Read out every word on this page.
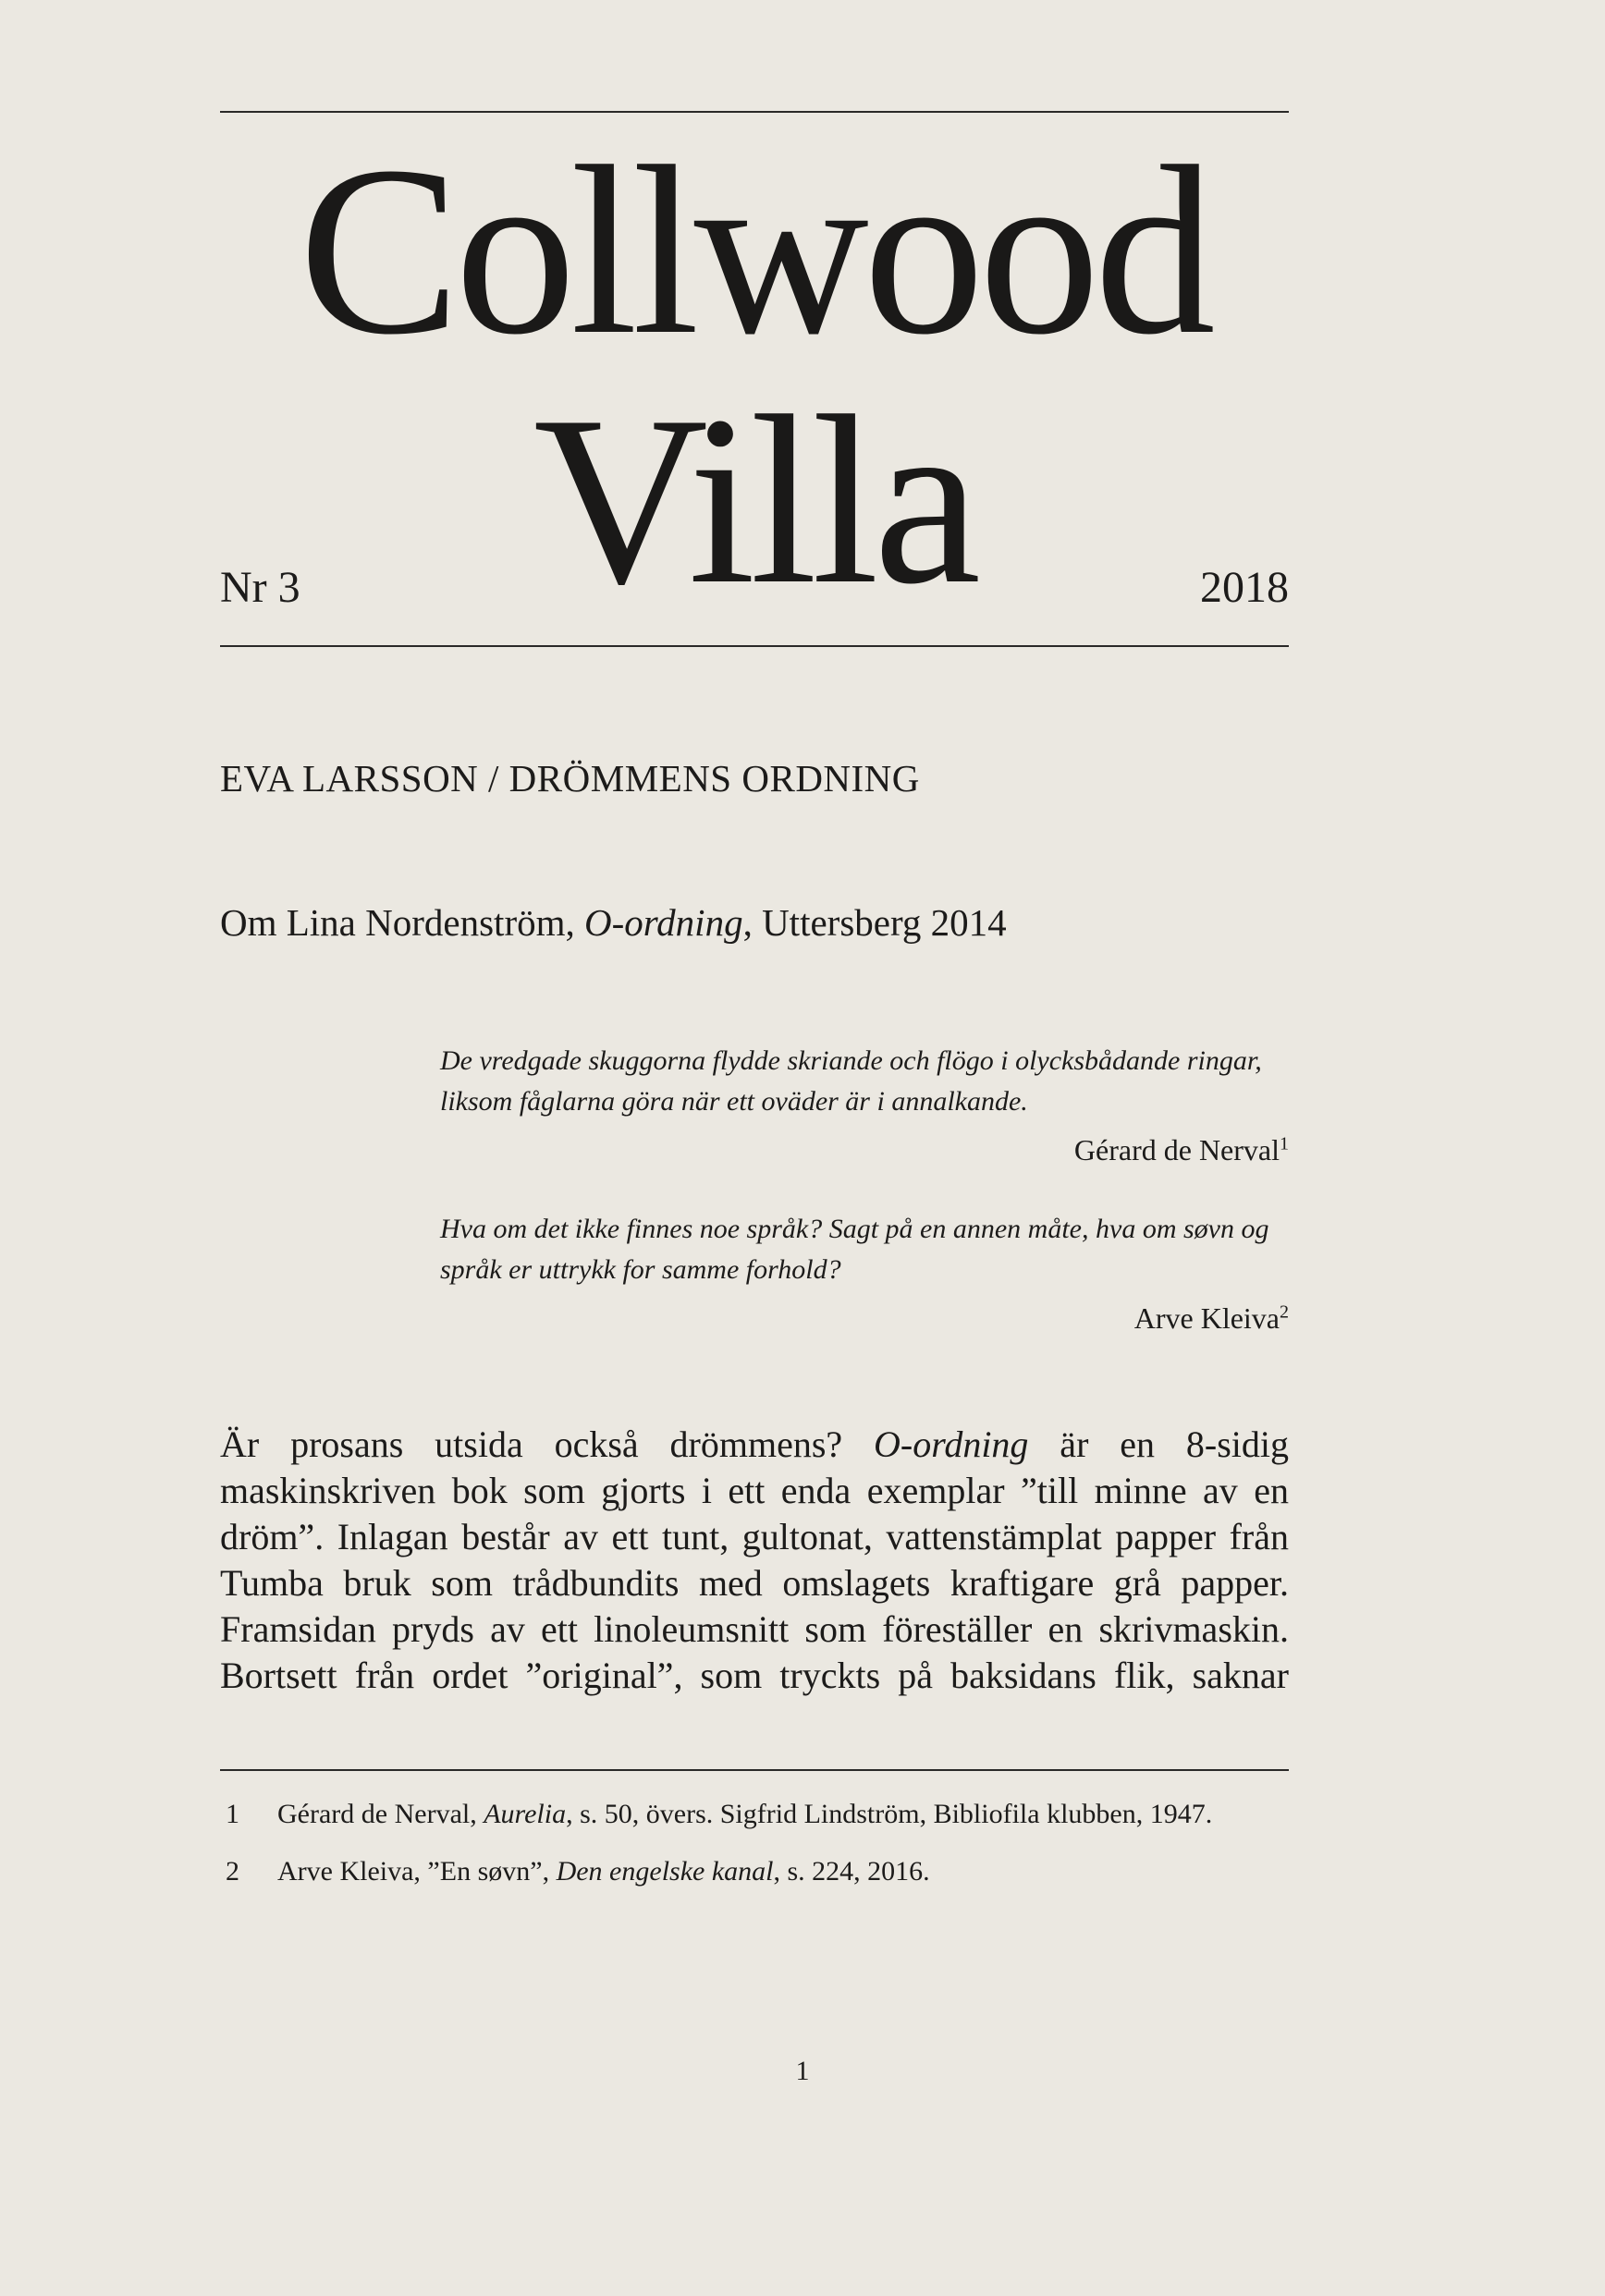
Collwood
Villa
Nr 3	2018
EVA LARSSON / DRÖMMENS ORDNING
Om Lina Nordenström, O-ordning, Uttersberg 2014

De vredgade skuggorna flydde skriande och flögo i olycksbådande ringar,
liksom fåglarna göra när ett oväder är i annalkande.

Gérard de Nerval$^1$

Hva om det ikke finnes noe språk? Sagt på en annen måte, hva om søvn og
språk er uttrykk for samme forhold?

Arve Kleiva$^2$

Är prosans utsida också drömmens? O-ordning är en 8-sidig maskinskriven bok som gjorts i ett enda exemplar ”till minne av en dröm”. Inlagan består av ett tunt, gultonat, vattenstämplat papper från Tumba bruk som trådbundits med omslagets kraftigare grå papper. Framsidan pryds av ett linoleumsnitt som föreställer en skrivmaskin. Bortsett från ordet ”original”, som tryckts på baksidans flik, saknar

1 Gérard de Nerval, Aurelia, s. 50, övers. Sigfrid Lindström, Bibliofila klubben, 1947.
2 Arve Kleiva, ”En søvn”, Den engelske kanal, s. 224, 2016.
1
